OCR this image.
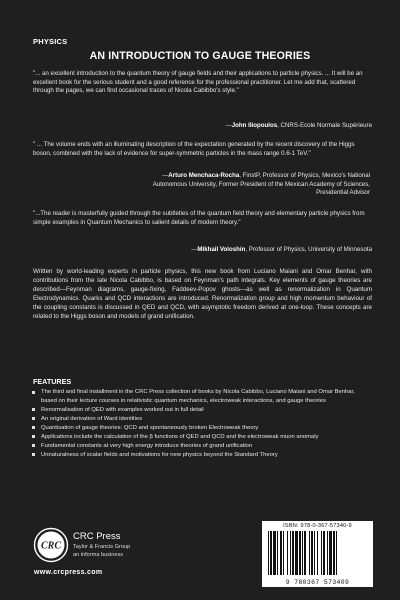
PHYSICS
AN INTRODUCTION TO GAUGE THEORIES
"... an excellent introduction to the quantum theory of gauge fields and their applications to particle physics. ... It will be an excellent book for the serious student and a good reference for the professional practitioner. Let me add that, scattered through the pages, we can find occasional traces of Nicola Cabibbo's style."
—John Iliopoulos, CNRS-Ecole Normale Supérieure
" ... The volume ends with an illuminating description of the expectation generated by the recent discovery of the Higgs boson, combined with the lack of evidence for super-symmetric particles in the mass range 0.6-1 TeV."
—Arturo Menchaca-Rocha, FinstP, Professor of Physics, Mexico's National Autonomous University, Former President of the Mexican Academy of Sciences, Presidential Advisor
"...The reader is masterfully guided through the subtleties of the quantum field theory and elementary particle physics from simple examples in Quantum Mechanics to salient details of modern theory."
—Mikhail Voloshin, Professor of Physics, University of Minnesota
Written by world-leading experts in particle physics, this new book from Luciano Maiani and Omar Benhar, with contributions from the late Nicola Cabibbo, is based on Feynman's path integrals. Key elements of gauge theories are described—Feynman diagrams, gauge-fixing, Faddeev-Popov ghosts—as well as renormalization in Quantum Electrodynamics. Quarks and QCD interactions are introduced. Renormalization group and high momentum behaviour of the coupling constants is discussed in QED and QCD, with asymptotic freedom derived at one-loop. These concepts are related to the Higgs boson and models of grand unification.
FEATURES
The third and final installment in the CRC Press collection of books by Nicola Cabibbo, Luciano Maiani and Omar Benhar, based on their lecture courses in relativistic quantum mechanics, electroweak interactions, and gauge theories
Renormalisation of QED with examples worked out in full detail
An original derivation of Ward identities
Quantisation of gauge theories: QCD and spontaneously broken Electroweak theory
Applications include the calculation of the β functions of QED and QCD and the electroweak muon anomaly
Fundamental constants at very high energy introduce theories of grand unification
Unnaturalness of scalar fields and motivations for new physics beyond the Standard Theory
CRC
CRC Press
Taylor & Francis Group
an informa business
www.crcpress.com
ISBN: 978-0-367-57340-9
9 780367 573409
